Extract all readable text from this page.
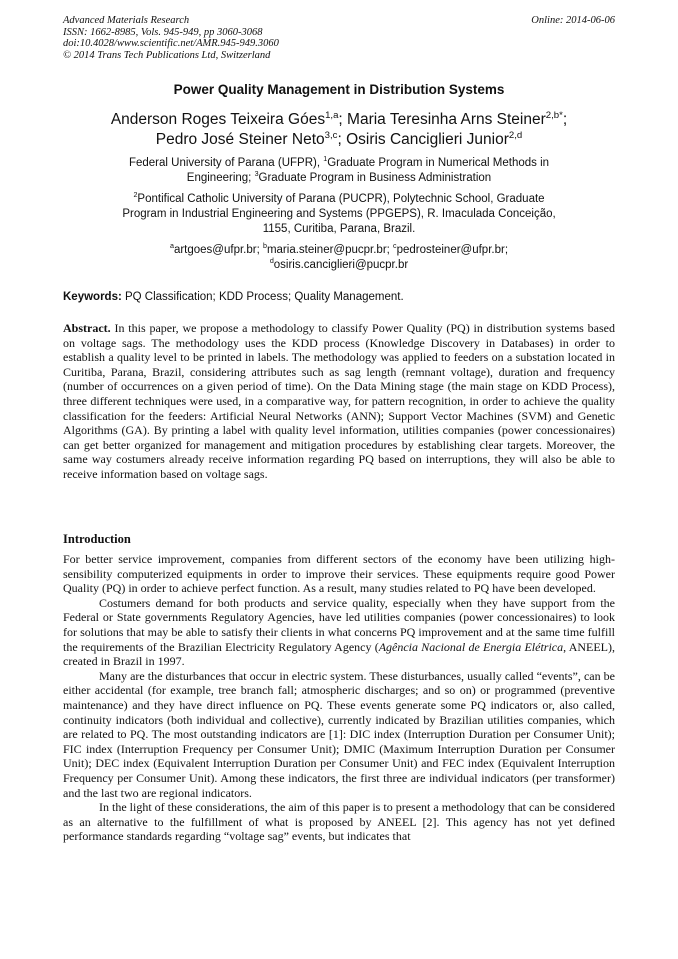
Advanced Materials Research
ISSN: 1662-8985, Vols. 945-949, pp 3060-3068
doi:10.4028/www.scientific.net/AMR.945-949.3060
© 2014 Trans Tech Publications Ltd, Switzerland
Online: 2014-06-06
Power Quality Management in Distribution Systems
Anderson Roges Teixeira Góes$^{1,a}$; Maria Teresinha Arns Steiner$^{2,b*}$;
Pedro José Steiner Neto$^{3,c}$; Osiris Canciglieri Junior$^{2,d}$
Federal University of Parana (UFPR), $^1$Graduate Program in Numerical Methods in
Engineering; $^3$Graduate Program in Business Administration
$^2$Pontifical Catholic University of Parana (PUCPR), Polytechnic School, Graduate
Program in Industrial Engineering and Systems (PPGEPS), R. Imaculada Conceição,
1155, Curitiba, Parana, Brazil.
$^a$artgoes@ufpr.br; $^b$maria.steiner@pucpr.br; $^c$pedrosteiner@ufpr.br;
$^d$osiris.canciglieri@pucpr.br
Keywords: PQ Classification; KDD Process; Quality Management.

Abstract. In this paper, we propose a methodology to classify Power Quality (PQ) in distribution systems based on voltage sags. The methodology uses the KDD process (Knowledge Discovery in Databases) in order to establish a quality level to be printed in labels. The methodology was applied to feeders on a substation located in Curitiba, Parana, Brazil, considering attributes such as sag length (remnant voltage), duration and frequency (number of occurrences on a given period of time). On the Data Mining stage (the main stage on KDD Process), three different techniques were used, in a comparative way, for pattern recognition, in order to achieve the quality classification for the feeders: Artificial Neural Networks (ANN); Support Vector Machines (SVM) and Genetic Algorithms (GA). By printing a label with quality level information, utilities companies (power concessionaires) can get better organized for management and mitigation procedures by establishing clear targets. Moreover, the same way costumers already receive information regarding PQ based on interruptions, they will also be able to receive information based on voltage sags.

Introduction

For better service improvement, companies from different sectors of the economy have been utilizing high-sensibility computerized equipments in order to improve their services. These equipments require good Power Quality (PQ) in order to achieve perfect function. As a result, many studies related to PQ have been developed.

Costumers demand for both products and service quality, especially when they have support from the Federal or State governments Regulatory Agencies, have led utilities companies (power concessionaires) to look for solutions that may be able to satisfy their clients in what concerns PQ improvement and at the same time fulfill the requirements of the Brazilian Electricity Regulatory Agency (Agência Nacional de Energia Elétrica, ANEEL), created in Brazil in 1997.

Many are the disturbances that occur in electric system. These disturbances, usually called “events”, can be either accidental (for example, tree branch fall; atmospheric discharges; and so on) or programmed (preventive maintenance) and they have direct influence on PQ. These events generate some PQ indicators or, also called, continuity indicators (both individual and collective), currently indicated by Brazilian utilities companies, which are related to PQ. The most outstanding indicators are [1]: DIC index (Interruption Duration per Consumer Unit); FIC index (Interruption Frequency per Consumer Unit); DMIC (Maximum Interruption Duration per Consumer Unit); DEC index (Equivalent Interruption Duration per Consumer Unit) and FEC index (Equivalent Interruption Frequency per Consumer Unit). Among these indicators, the first three are individual indicators (per transformer) and the last two are regional indicators.

In the light of these considerations, the aim of this paper is to present a methodology that can be considered as an alternative to the fulfillment of what is proposed by ANEEL [2]. This agency has not yet defined performance standards regarding “voltage sag” events, but indicates that
